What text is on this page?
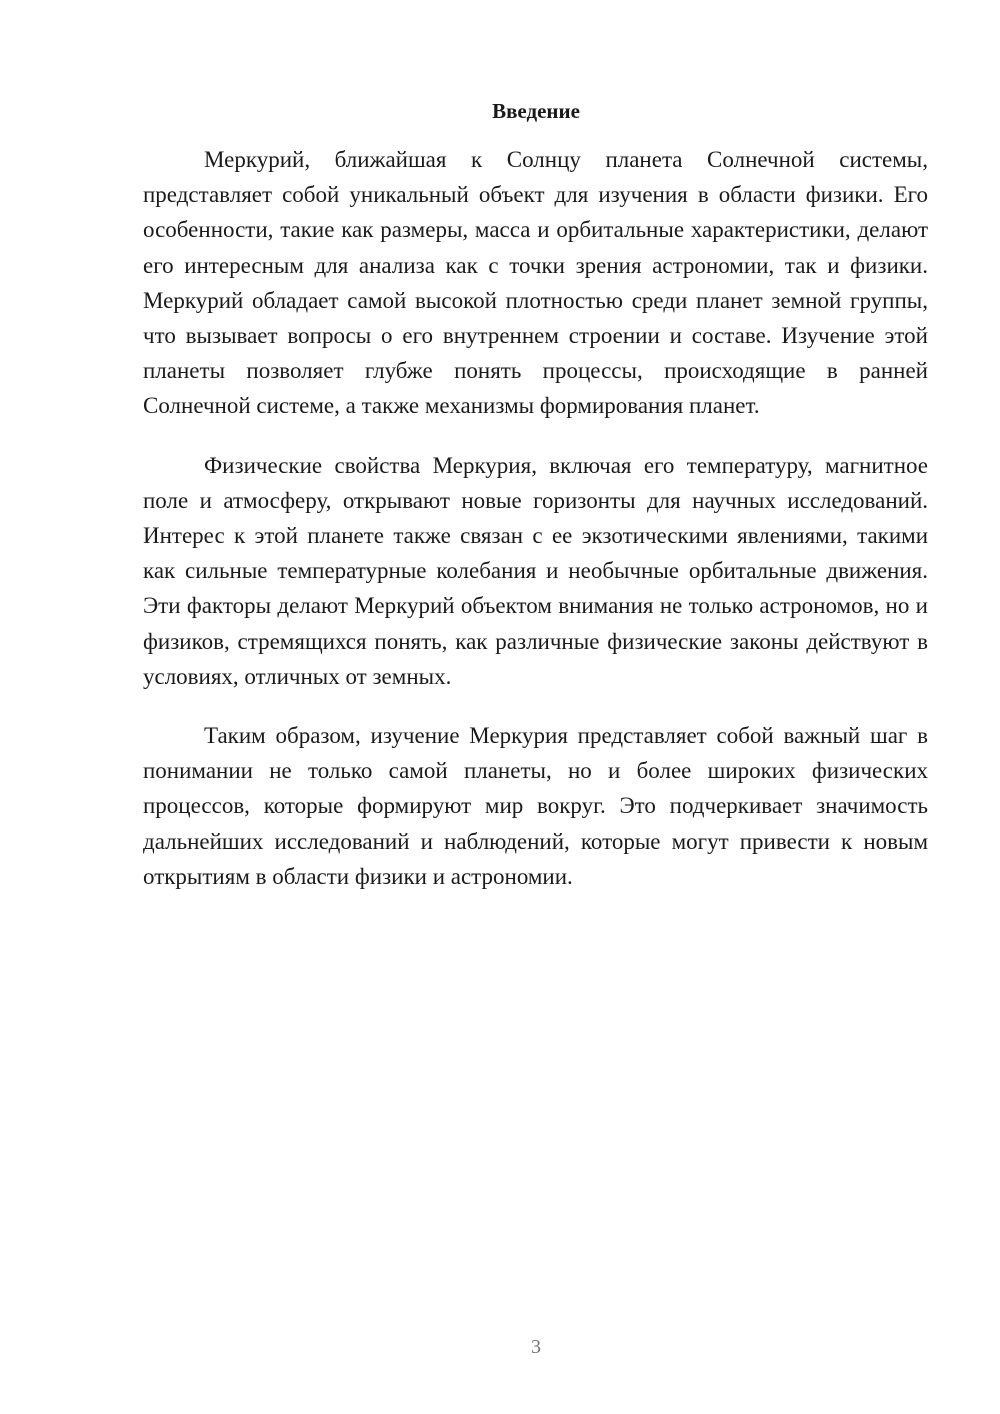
Введение

Меркурий, ближайшая к Солнцу планета Солнечной системы, представляет собой уникальный объект для изучения в области физики. Его особенности, такие как размеры, масса и орбитальные характеристики, делают его интересным для анализа как с точки зрения астрономии, так и физики. Меркурий обладает самой высокой плотностью среди планет земной группы, что вызывает вопросы о его внутреннем строении и составе. Изучение этой планеты позволяет глубже понять процессы, происходящие в ранней Солнечной системе, а также механизмы формирования планет.

Физические свойства Меркурия, включая его температуру, магнитное поле и атмосферу, открывают новые горизонты для научных исследований. Интерес к этой планете также связан с ее экзотическими явлениями, такими как сильные температурные колебания и необычные орбитальные движения. Эти факторы делают Меркурий объектом внимания не только астрономов, но и физиков, стремящихся понять, как различные физические законы действуют в условиях, отличных от земных.

Таким образом, изучение Меркурия представляет собой важный шаг в понимании не только самой планеты, но и более широких физических процессов, которые формируют мир вокруг. Это подчеркивает значимость дальнейших исследований и наблюдений, которые могут привести к новым открытиям в области физики и астрономии.

3
